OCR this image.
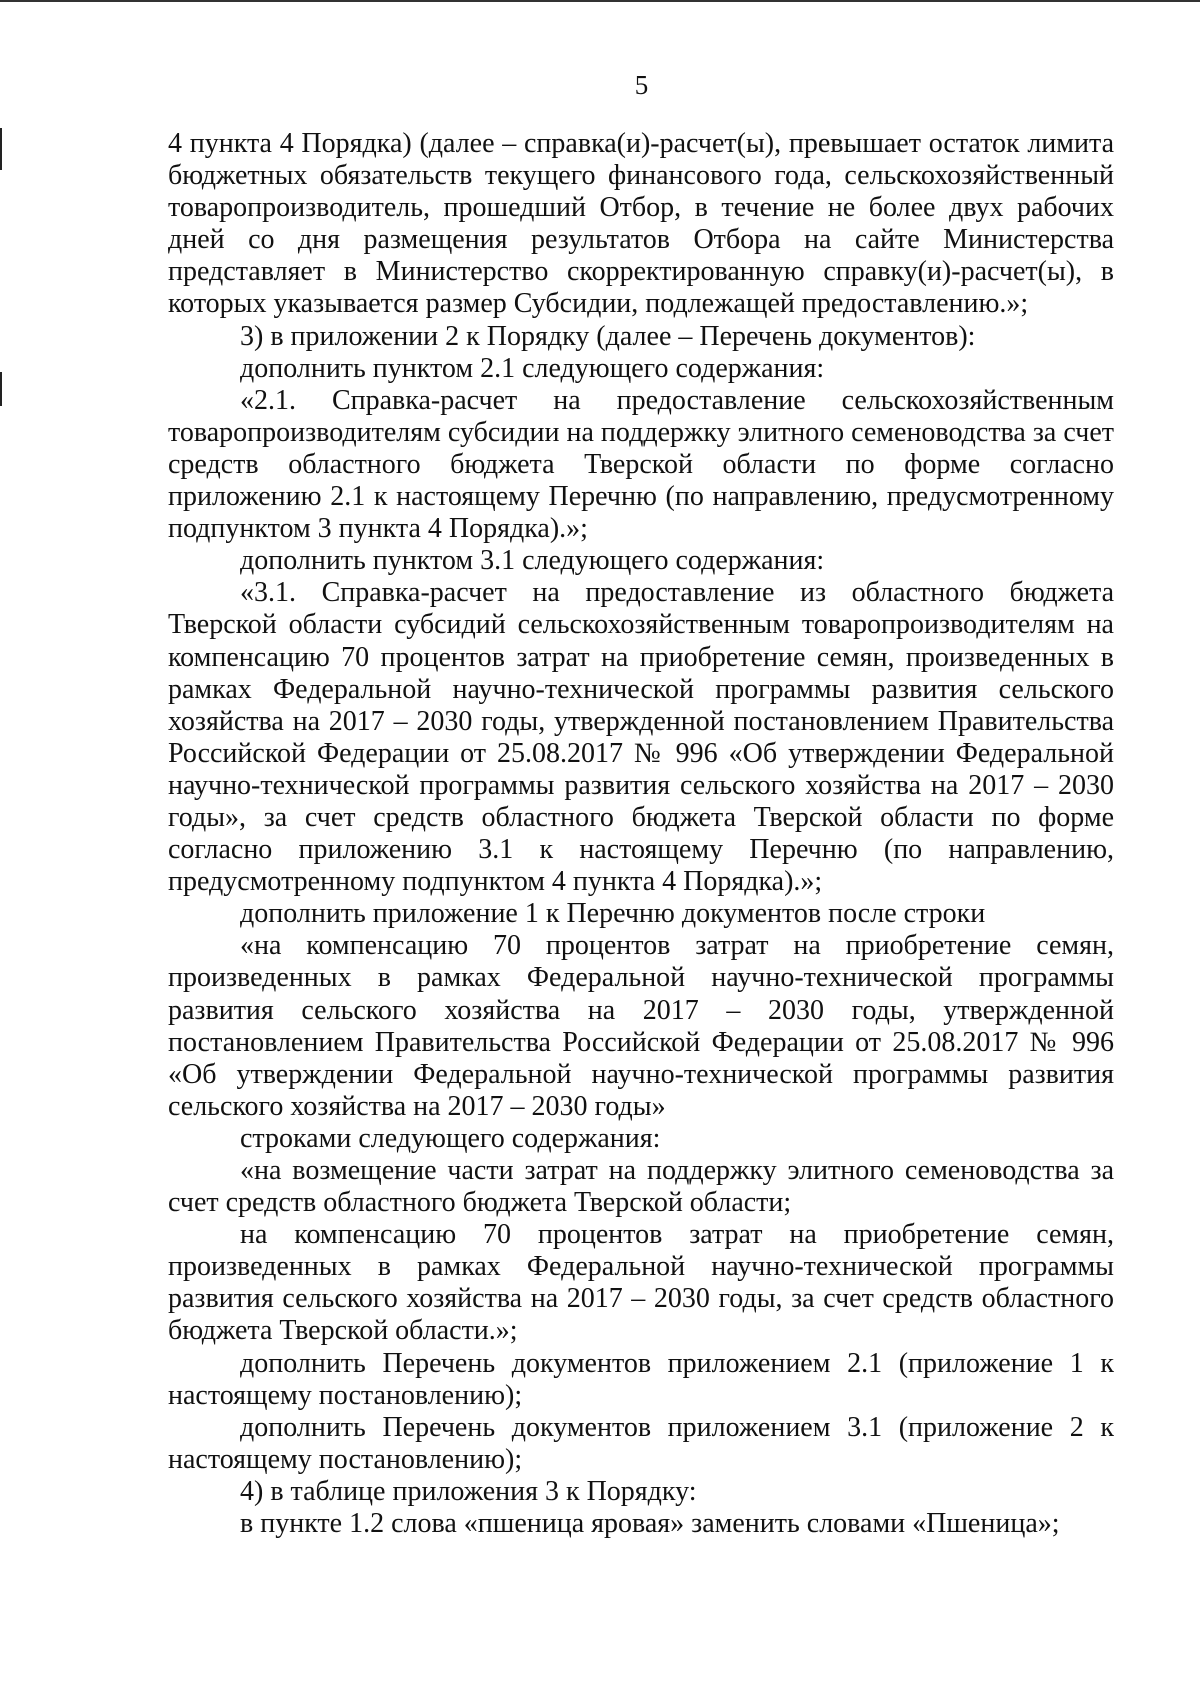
5

4 пункта 4 Порядка) (далее – справка(и)-расчет(ы), превышает остаток лимита бюджетных обязательств текущего финансового года, сельскохозяйственный товаропроизводитель, прошедший Отбор, в течение не более двух рабочих дней со дня размещения результатов Отбора на сайте Министерства представляет в Министерство скорректированную справку(и)-расчет(ы), в которых указывается размер Субсидии, подлежащей предоставлению.»;

3) в приложении 2 к Порядку (далее – Перечень документов):

дополнить пунктом 2.1 следующего содержания:

«2.1. Справка-расчет на предоставление сельскохозяйственным товаропроизводителям субсидии на поддержку элитного семеноводства за счет средств областного бюджета Тверской области по форме согласно приложению 2.1 к настоящему Перечню (по направлению, предусмотренному подпунктом 3 пункта 4 Порядка).»;

дополнить пунктом 3.1 следующего содержания:

«3.1. Справка-расчет на предоставление из областного бюджета Тверской области субсидий сельскохозяйственным товаропроизводителям на компенсацию 70 процентов затрат на приобретение семян, произведенных в рамках Федеральной научно-технической программы развития сельского хозяйства на 2017 – 2030 годы, утвержденной постановлением Правительства Российской Федерации от 25.08.2017 № 996 «Об утверждении Федеральной научно-технической программы развития сельского хозяйства на 2017 – 2030 годы», за счет средств областного бюджета Тверской области по форме согласно приложению 3.1 к настоящему Перечню (по направлению, предусмотренному подпунктом 4 пункта 4 Порядка).»;

дополнить приложение 1 к Перечню документов после строки

«на компенсацию 70 процентов затрат на приобретение семян, произведенных в рамках Федеральной научно-технической программы развития сельского хозяйства на 2017 – 2030 годы, утвержденной постановлением Правительства Российской Федерации от 25.08.2017 № 996 «Об утверждении Федеральной научно-технической программы развития сельского хозяйства на 2017 – 2030 годы»

строками следующего содержания:

«на возмещение части затрат на поддержку элитного семеноводства за счет средств областного бюджета Тверской области;

на компенсацию 70 процентов затрат на приобретение семян, произведенных в рамках Федеральной научно-технической программы развития сельского хозяйства на 2017 – 2030 годы, за счет средств областного бюджета Тверской области.»;

дополнить Перечень документов приложением 2.1 (приложение 1 к настоящему постановлению);

дополнить Перечень документов приложением 3.1 (приложение 2 к настоящему постановлению);

4) в таблице приложения 3 к Порядку:

в пункте 1.2 слова «пшеница яровая» заменить словами «Пшеница»;
